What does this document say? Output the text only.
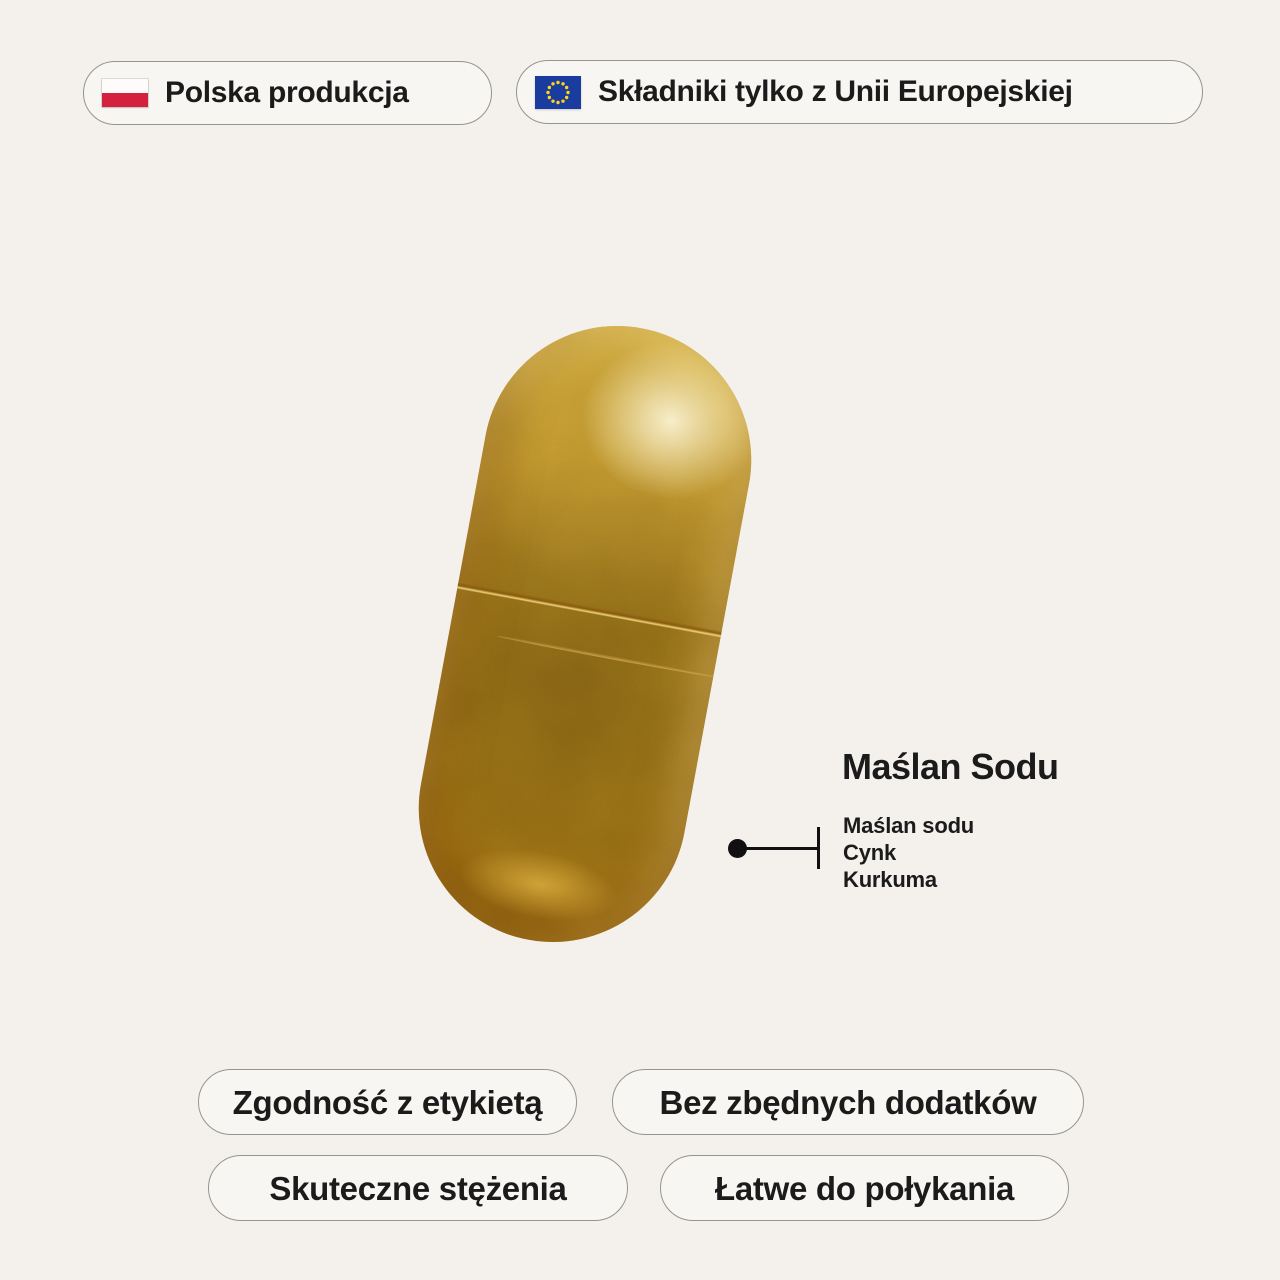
Polska produkcja	Składniki tylko z Unii Europejskiej
Maślan Sodu
Maślan sodu
Cynk
Kurkuma
Zgodność z etykietą	Bez zbędnych dodatków
Skuteczne stężenia	Łatwe do połykania
